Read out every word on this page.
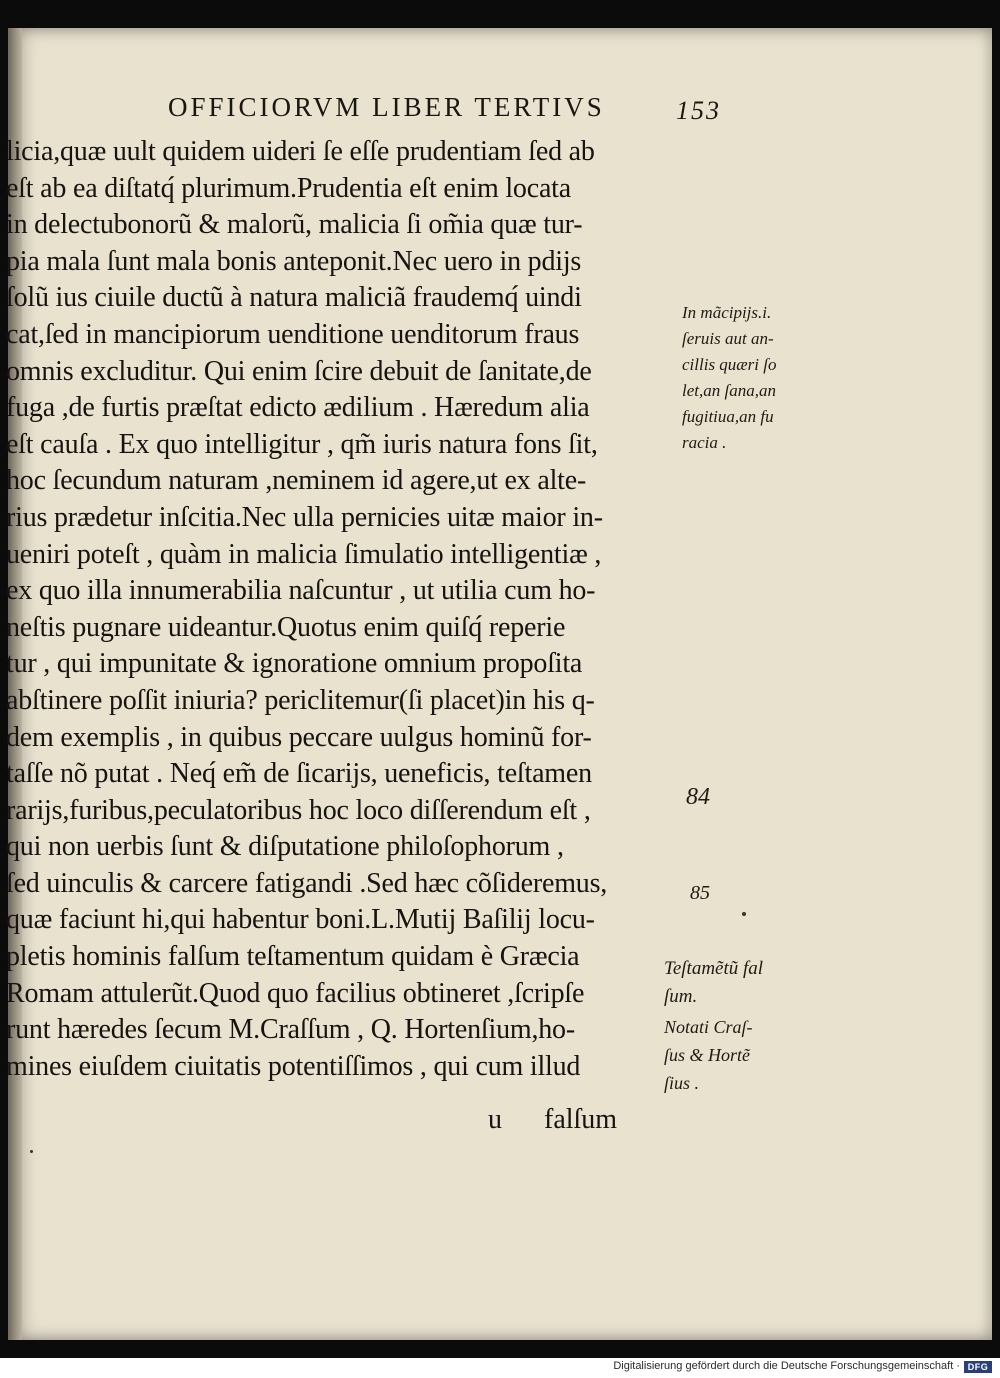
OFFICIORVM LIBER TERTIVS	153
licia,quæ uult quidem uideri ſe eſſe prudentiam ſed ab
eſt ab ea diſtatq́ plurimum.Prudentia eſt enim locata
in delectubonorũ & malorũ, malicia ſi om̃ia quæ tur-
pia mala ſunt mala bonis anteponit.Nec uero in pdijs
ſolũ ius ciuile ductũ à natura maliciã fraudemq́ uindi
cat,ſed in mancipiorum uenditione uenditorum fraus
omnis excluditur. Qui enim ſcire debuit de ſanitate,de
fuga ,de furtis præſtat edicto ædilium . Hæredum alia
eſt cauſa . Ex quo intelligitur , qm̃ iuris natura fons ſit,
hoc ſecundum naturam ,neminem id agere,ut ex alte-
rius prædetur inſcitia.Nec ulla pernicies uitæ maior in-
ueniri poteſt , quàm in malicia ſimulatio intelligentiæ ,
ex quo illa innumerabilia naſcuntur , ut utilia cum ho-
neſtis pugnare uideantur.Quotus enim quiſq́ reperie
tur , qui impunitate & ignoratione omnium propoſita
abſtinere poſſit iniuria? periclitemur(ſi placet)in his q-
dem exemplis , in quibus peccare uulgus hominũ for-
taſſe nõ putat . Neq́ em̃ de ſicarijs, ueneficis, teſtamen
rarijs,furibus,peculatoribus hoc loco diſſerendum eſt ,
qui non uerbis ſunt & diſputatione philoſophorum ,
ſed uinculis & carcere fatigandi .Sed hæc cõſideremus,
quæ faciunt hi,qui habentur boni.L.Mutij Baſilij locu-
pletis hominis falſum teſtamentum quidam è Græcia
Romam attulerũt.Quod quo facilius obtineret ,ſcripſe
runt hæredes ſecum M.Craſſum , Q. Hortenſium,ho-
mines eiuſdem ciuitatis potentiſſimos , qui cum illud
u falſum
In mãcipijs.i.
ſeruis aut an-
cillis quæri ſo
let,an ſana,an
fugitiua,an fu
racia .
84
85
Teſtamẽtũ fal
ſum.
Notati Craſ-
ſus & Hortẽ
ſius .
Digitalisierung gefördert durch die Deutsche Forschungsgemeinschaft · DFG
